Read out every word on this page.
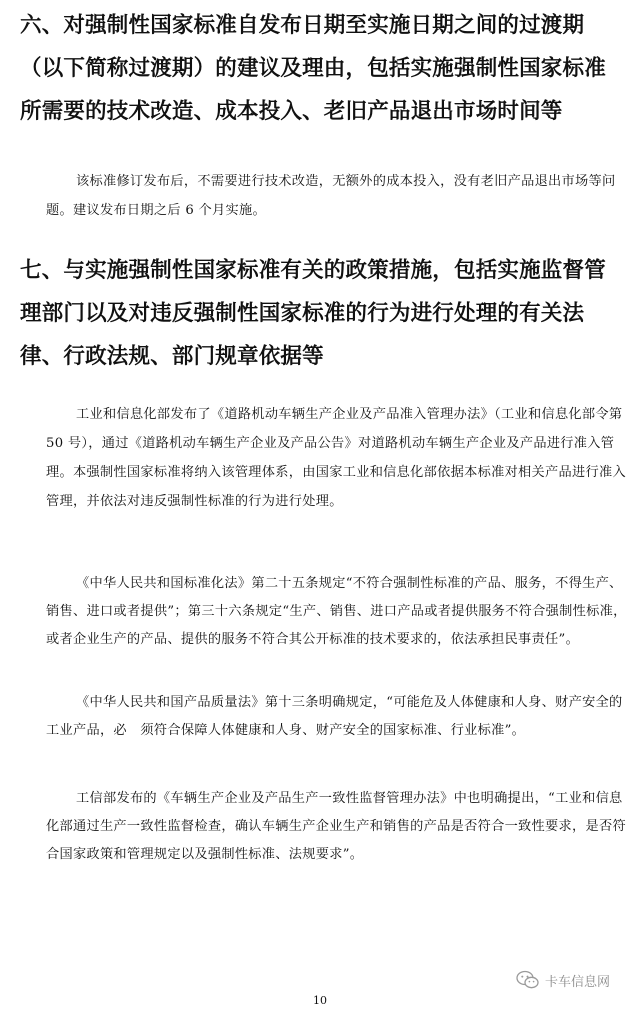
六、对强制性国家标准自发布日期至实施日期之间的过渡期（以下简称过渡期）的建议及理由，包括实施强制性国家标准所需要的技术改造、成本投入、老旧产品退出市场时间等

该标准修订发布后，不需要进行技术改造，无额外的成本投入，没有老旧产品退出市场等问题。建议发布日期之后 6 个月实施。

七、与实施强制性国家标准有关的政策措施，包括实施监督管理部门以及对违反强制性国家标准的行为进行处理的有关法律、行政法规、部门规章依据等

工业和信息化部发布了《道路机动车辆生产企业及产品准入管理办法》（工业和信息化部令第 50 号），通过《道路机动车辆生产企业及产品公告》对道路机动车辆生产企业及产品进行准入管理。本强制性国家标准将纳入该管理体系，由国家工业和信息化部依据本标准对相关产品进行准入管理，并依法对违反强制性标准的行为进行处理。

《中华人民共和国标准化法》第二十五条规定“不符合强制性标准的产品、服务，不得生产、销售、进口或者提供”；第三十六条规定“生产、销售、进口产品或者提供服务不符合强制性标准，或者企业生产的产品、提供的服务不符合其公开标准的技术要求的，依法承担民事责任”。

《中华人民共和国产品质量法》第十三条明确规定，“可能危及人体健康和人身、财产安全的工业产品，必　须符合保障人体健康和人身、财产安全的国家标准、行业标准”。

工信部发布的《车辆生产企业及产品生产一致性监督管理办法》中也明确提出，“工业和信息化部通过生产一致性监督检查，确认车辆生产企业生产和销售的产品是否符合一致性要求，是否符合国家政策和管理规定以及强制性标准、法规要求”。

卡车信息网
10
